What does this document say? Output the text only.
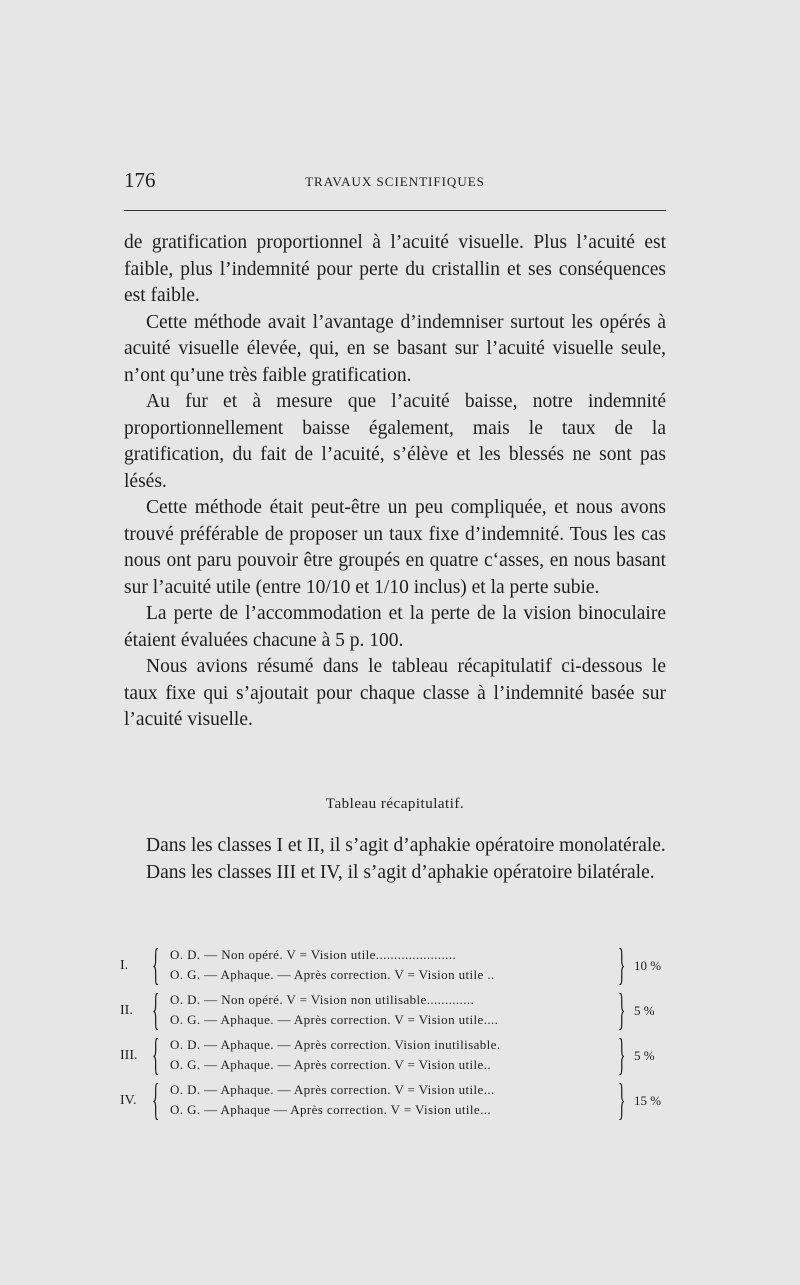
176	TRAVAUX SCIENTIFIQUES

de gratification proportionnel à l’acuité visuelle. Plus l’acuité est faible, plus l’indemnité pour perte du cristallin et ses conséquences est faible.

Cette méthode avait l’avantage d’indemniser surtout les opérés à acuité visuelle élevée, qui, en se basant sur l’acuité visuelle seule, n’ont qu’une très faible gratification.

Au fur et à mesure que l’acuité baisse, notre indemnité proportionnellement baisse également, mais le taux de la gratification, du fait de l’acuité, s’élève et les blessés ne sont pas lésés.

Cette méthode était peut-être un peu compliquée, et nous avons trouvé préférable de proposer un taux fixe d’indemnité. Tous les cas nous ont paru pouvoir être groupés en quatre c‘asses, en nous basant sur l’acuité utile (entre 10/10 et 1/10 inclus) et la perte subie.

La perte de l’accommodation et la perte de la vision binoculaire étaient évaluées chacune à 5 p. 100.

Nous avions résumé dans le tableau récapitulatif ci-dessous le taux fixe qui s’ajoutait pour chaque classe à l’indemnité basée sur l’acuité visuelle.

Tableau récapitulatif.

Dans les classes I et II, il s’agit d’aphakie opératoire monolatérale.

Dans les classes III et IV, il s’agit d’aphakie opératoire bilatérale.

I. { O. D. — Non opéré. V = Vision utile......................
O. G. — Aphaque. — Après correction. V = Vision utile ..	} 10 %
II. { O. D. — Non opéré. V = Vision non utilisable.............
O. G. — Aphaque. — Après correction. V = Vision utile....	} 5 %
III. { O. D. — Aphaque. — Après correction. Vision inutilisable.
O. G. — Aphaque. — Après correction. V = Vision utile..	} 5 %
IV. { O. D. — Aphaque. — Après correction. V = Vision utile...
O. G. — Aphaque — Après correction. V = Vision utile...	} 15 %
